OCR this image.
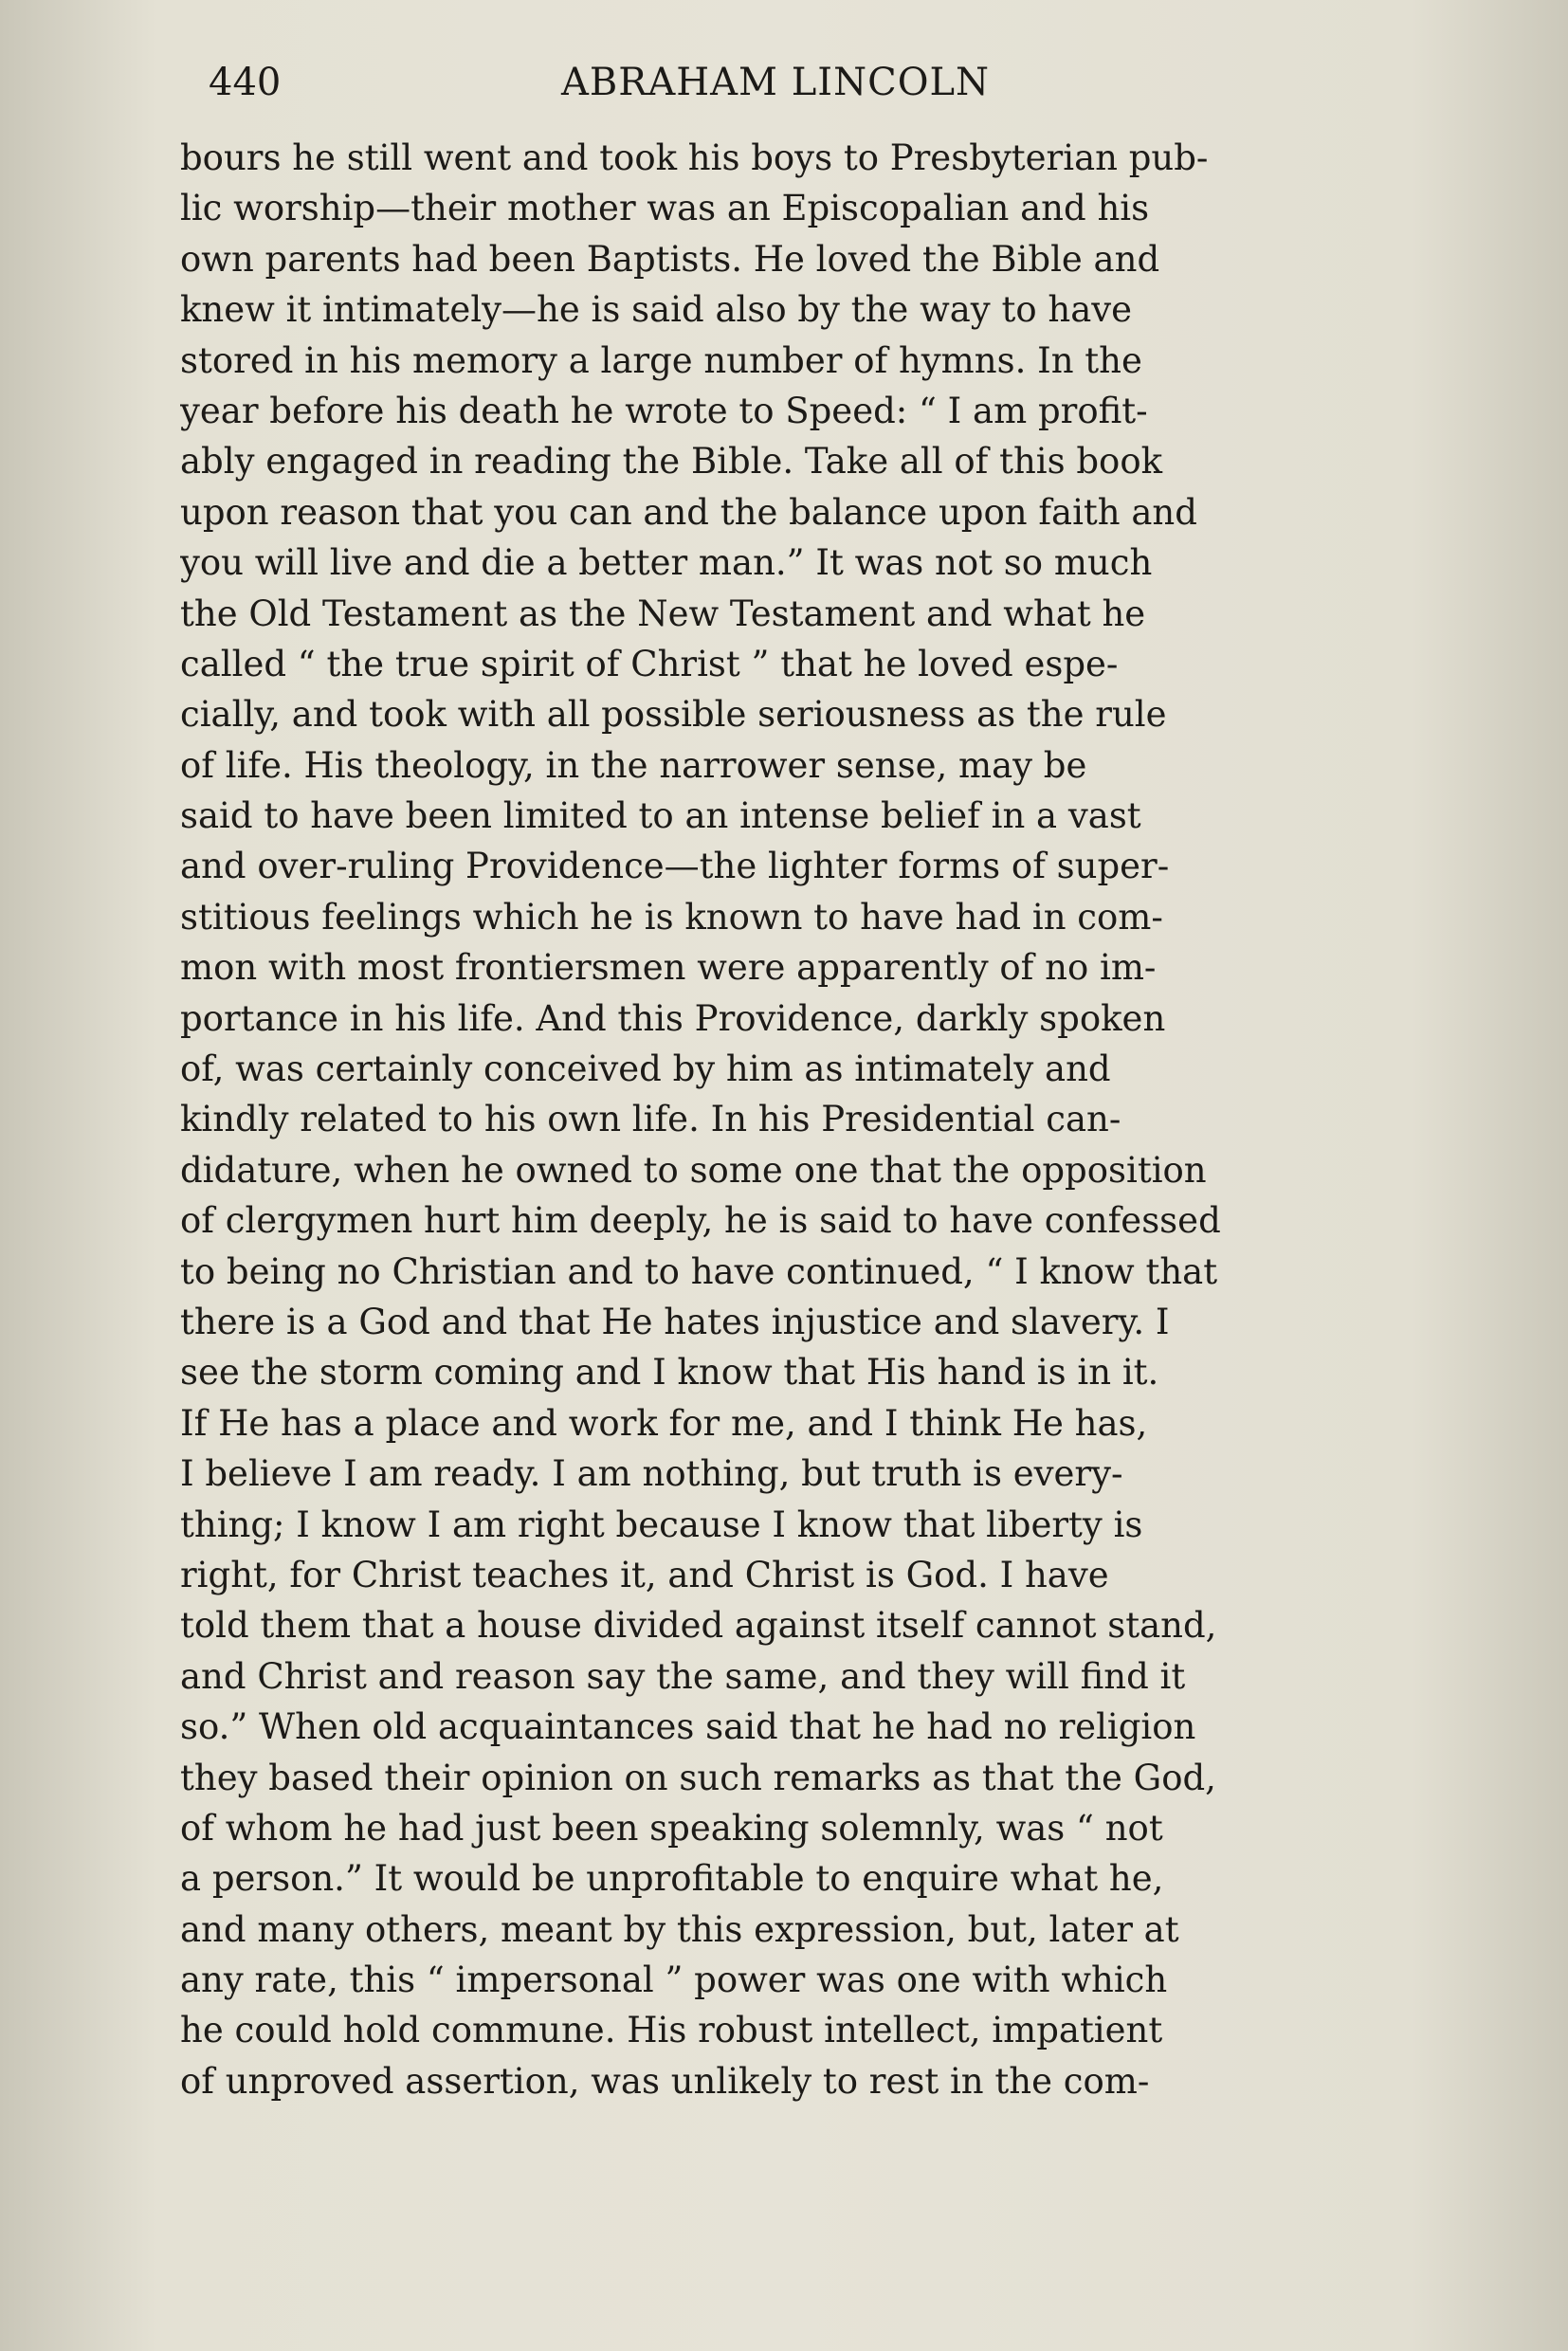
440	ABRAHAM LINCOLN
bours he still went and took his boys to Presbyterian pub-
lic worship—their mother was an Episcopalian and his
own parents had been Baptists. He loved the Bible and
knew it intimately—he is said also by the way to have
stored in his memory a large number of hymns. In the
year before his death he wrote to Speed: “ I am profit-
ably engaged in reading the Bible. Take all of this book
upon reason that you can and the balance upon faith and
you will live and die a better man.” It was not so much
the Old Testament as the New Testament and what he
called “ the true spirit of Christ ” that he loved espe-
cially, and took with all possible seriousness as the rule
of life. His theology, in the narrower sense, may be
said to have been limited to an intense belief in a vast
and over-ruling Providence—the lighter forms of super-
stitious feelings which he is known to have had in com-
mon with most frontiersmen were apparently of no im-
portance in his life. And this Providence, darkly spoken
of, was certainly conceived by him as intimately and
kindly related to his own life. In his Presidential can-
didature, when he owned to some one that the opposition
of clergymen hurt him deeply, he is said to have confessed
to being no Christian and to have continued, “ I know that
there is a God and that He hates injustice and slavery. I
see the storm coming and I know that His hand is in it.
If He has a place and work for me, and I think He has,
I believe I am ready. I am nothing, but truth is every-
thing; I know I am right because I know that liberty is
right, for Christ teaches it, and Christ is God. I have
told them that a house divided against itself cannot stand,
and Christ and reason say the same, and they will find it
so.” When old acquaintances said that he had no religion
they based their opinion on such remarks as that the God,
of whom he had just been speaking solemnly, was “ not
a person.” It would be unprofitable to enquire what he,
and many others, meant by this expression, but, later at
any rate, this “ impersonal ” power was one with which
he could hold commune. His robust intellect, impatient
of unproved assertion, was unlikely to rest in the com-
